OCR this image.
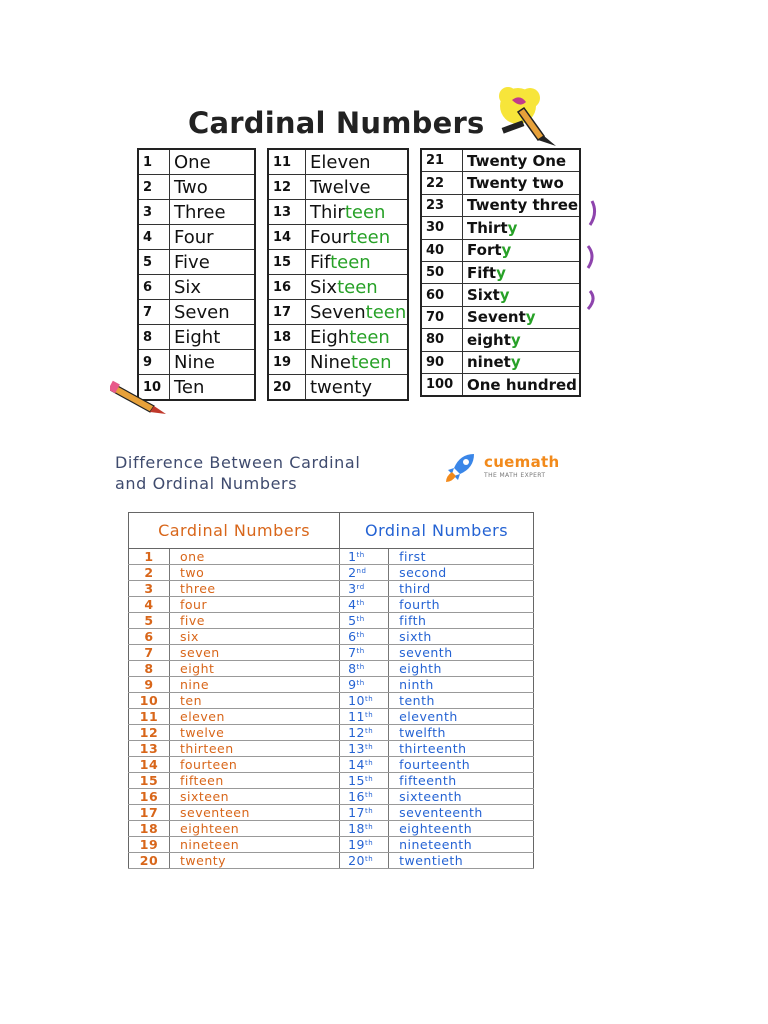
Cardinal Numbers
1	One
2	Two
3	Three
4	Four
5	Five
6	Six
7	Seven
8	Eight
9	Nine
10	Ten
11	Eleven
12	Twelve
13	Thirteen
14	Fourteen
15	Fifteen
16	Sixteen
17	Seventeen
18	Eighteen
19	Nineteen
20	twenty
21	Twenty One
22	Twenty two
23	Twenty three
30	Thirty
40	Forty
50	Fifty
60	Sixty
70	Seventy
80	eighty
90	ninety
100	One hundred
Difference Between Cardinal
and Ordinal Numbers
cuemath
THE MATH EXPERT
Cardinal Numbers		Ordinal Numbers	
1	one	1th	first
2	two	2nd	second
3	three	3rd	third
4	four	4th	fourth
5	five	5th	fifth
6	six	6th	sixth
7	seven	7th	seventh
8	eight	8th	eighth
9	nine	9th	ninth
10	ten	10th	tenth
11	eleven	11th	eleventh
12	twelve	12th	twelfth
13	thirteen	13th	thirteenth
14	fourteen	14th	fourteenth
15	fifteen	15th	fifteenth
16	sixteen	16th	sixteenth
17	seventeen	17th	seventeenth
18	eighteen	18th	eighteenth
19	nineteen	19th	nineteenth
20	twenty	20th	twentieth
